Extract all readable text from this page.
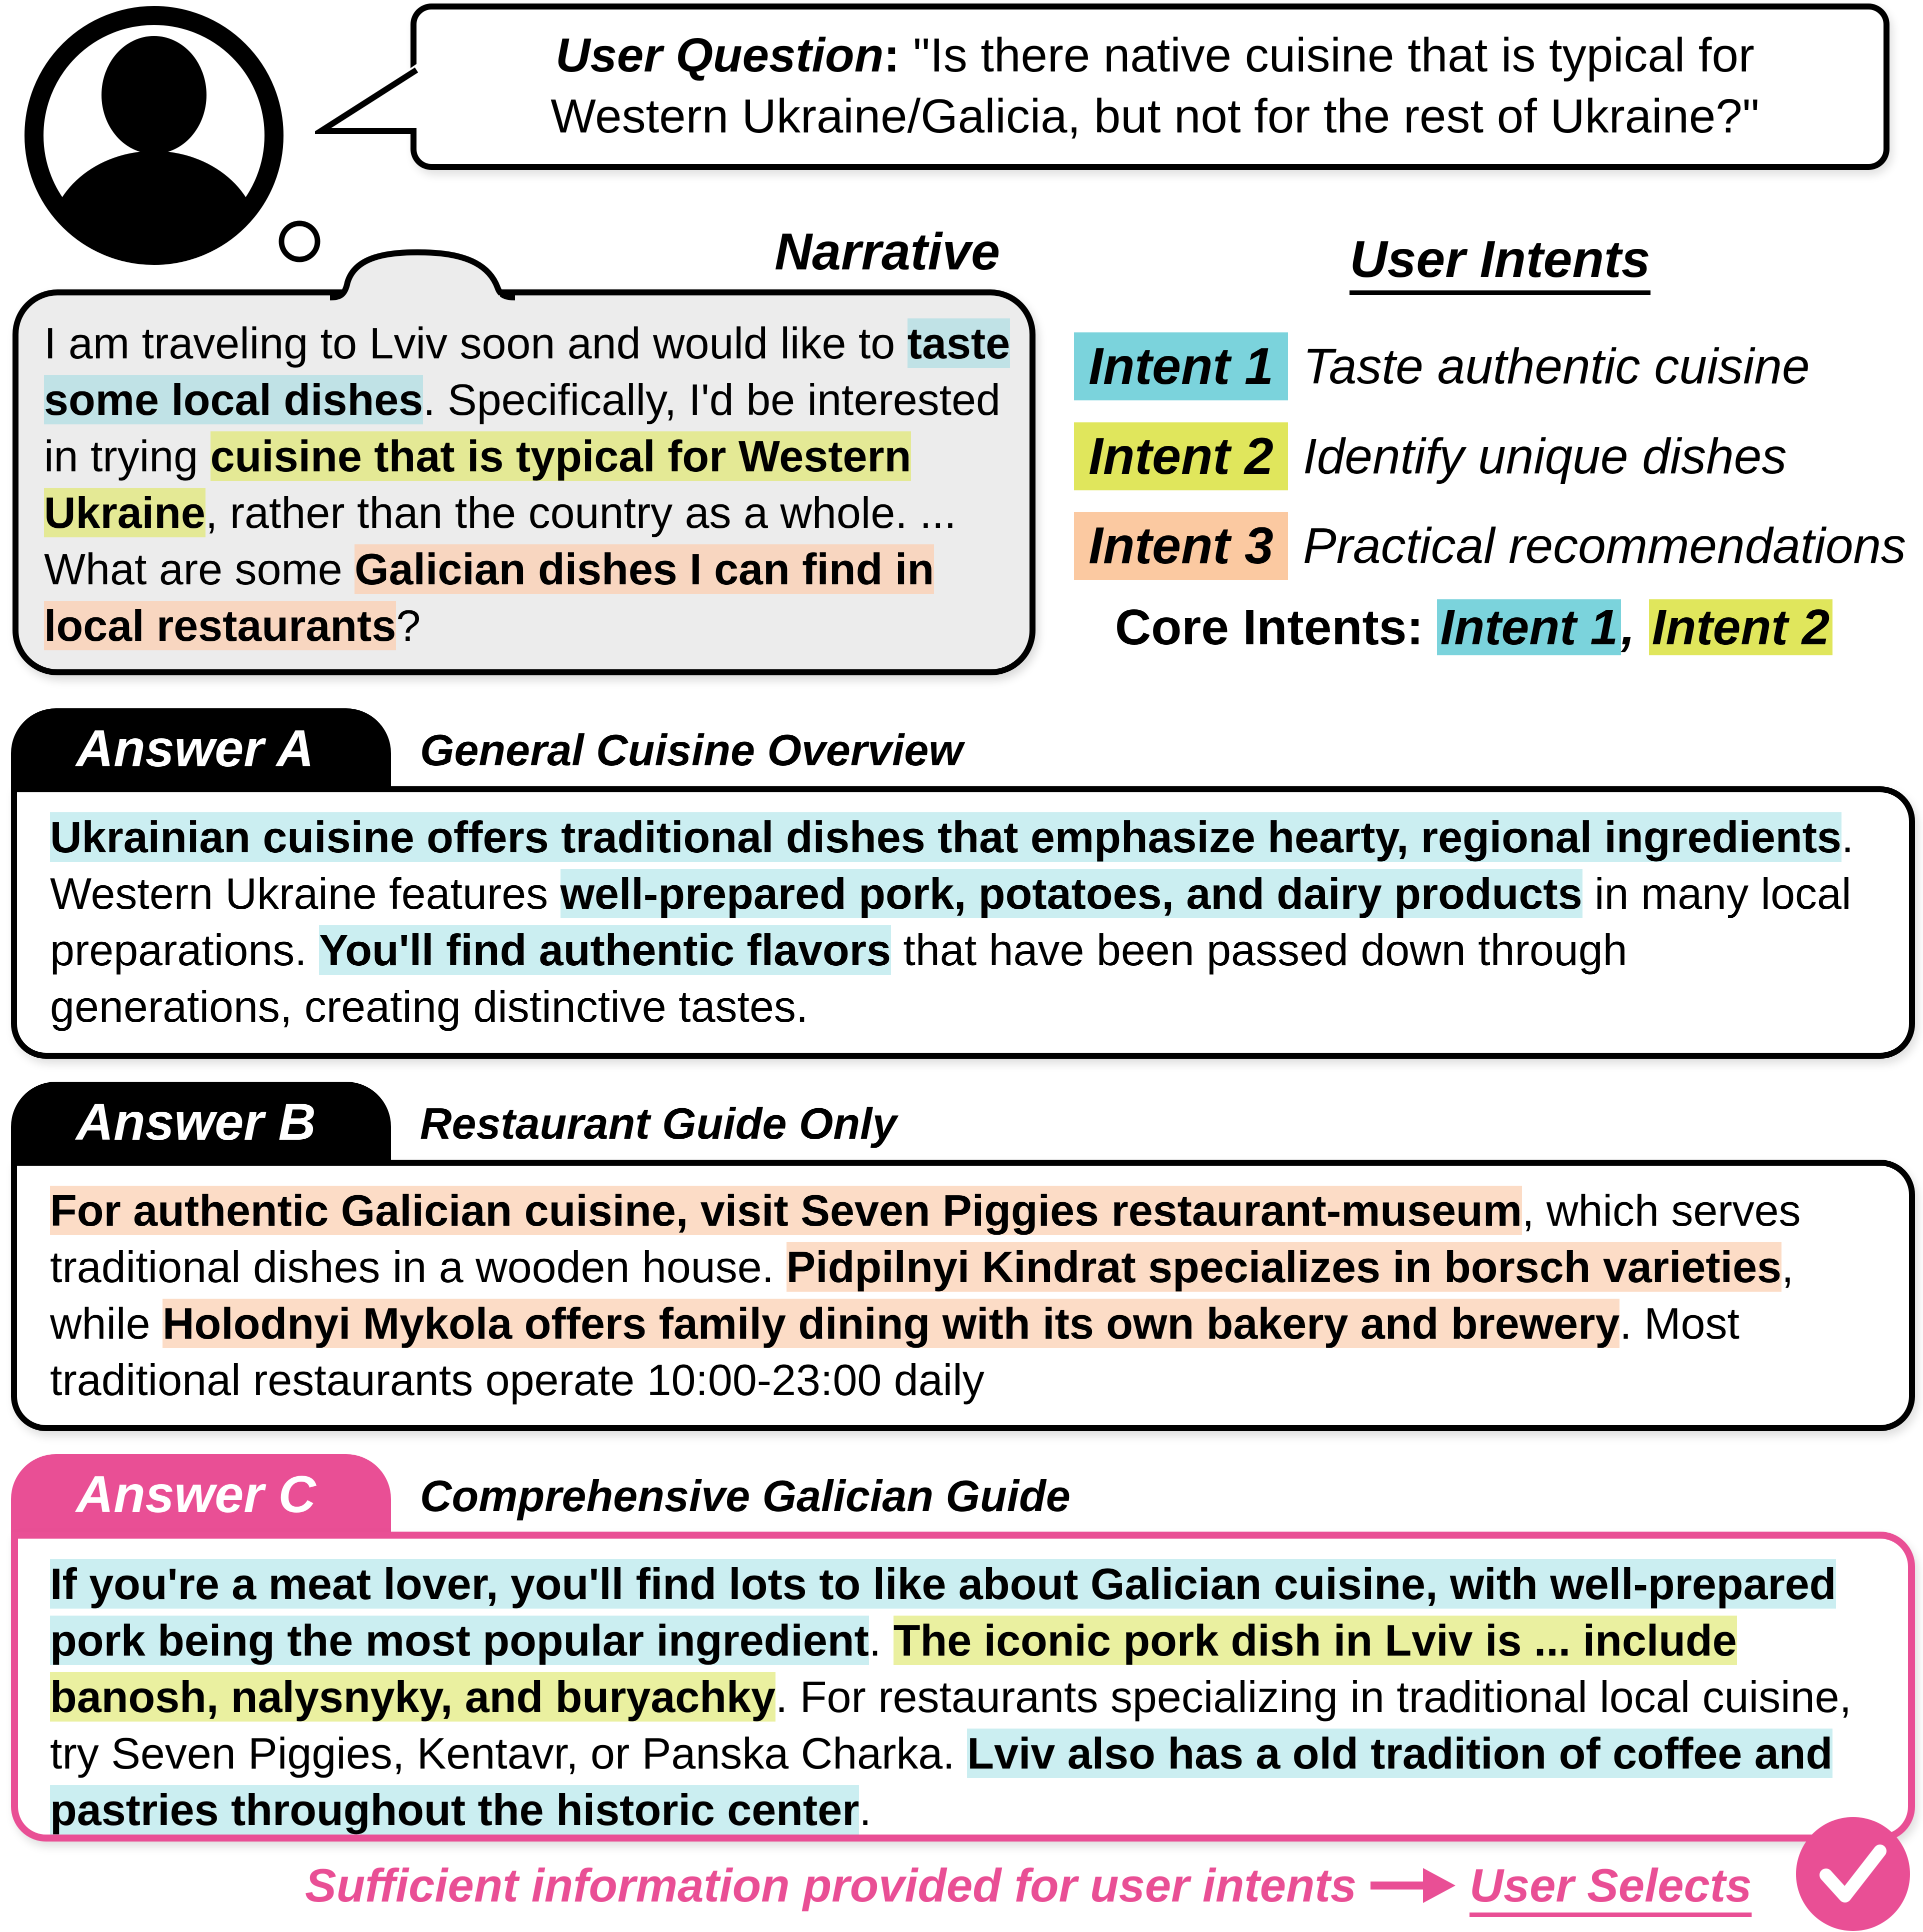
User Question: "Is there native cuisine that is typical for
Western Ukraine/Galicia, but not for the rest of Ukraine?"
Narrative
I am traveling to Lviv soon and would like to taste some local dishes. Specifically, I'd be interested in trying cuisine that is typical for Western Ukraine, rather than the country as a whole. ... What are some Galician dishes I can find in local restaurants?
User Intents
Intent 1 Taste authentic cuisine
Intent 2 Identify unique dishes
Intent 3 Practical recommendations
Core Intents: Intent 1, Intent 2
Answer A	General Cuisine Overview
Ukrainian cuisine offers traditional dishes that emphasize hearty, regional ingredients. Western Ukraine features well-prepared pork, potatoes, and dairy products in many local preparations. You'll find authentic flavors that have been passed down through generations, creating distinctive tastes.
Answer B	Restaurant Guide Only
For authentic Galician cuisine, visit Seven Piggies restaurant-museum, which serves traditional dishes in a wooden house. Pidpilnyi Kindrat specializes in borsch varieties, while Holodnyi Mykola offers family dining with its own bakery and brewery. Most traditional restaurants operate 10:00-23:00 daily
Answer C	Comprehensive Galician Guide
If you're a meat lover, you'll find lots to like about Galician cuisine, with well-prepared pork being the most popular ingredient. The iconic pork dish in Lviv is ... include banosh, nalysnyky, and buryachky. For restaurants specializing in traditional local cuisine, try Seven Piggies, Kentavr, or Panska Charka. Lviv also has a old tradition of coffee and pastries throughout the historic center.
Sufficient information provided for user intents User Selects
